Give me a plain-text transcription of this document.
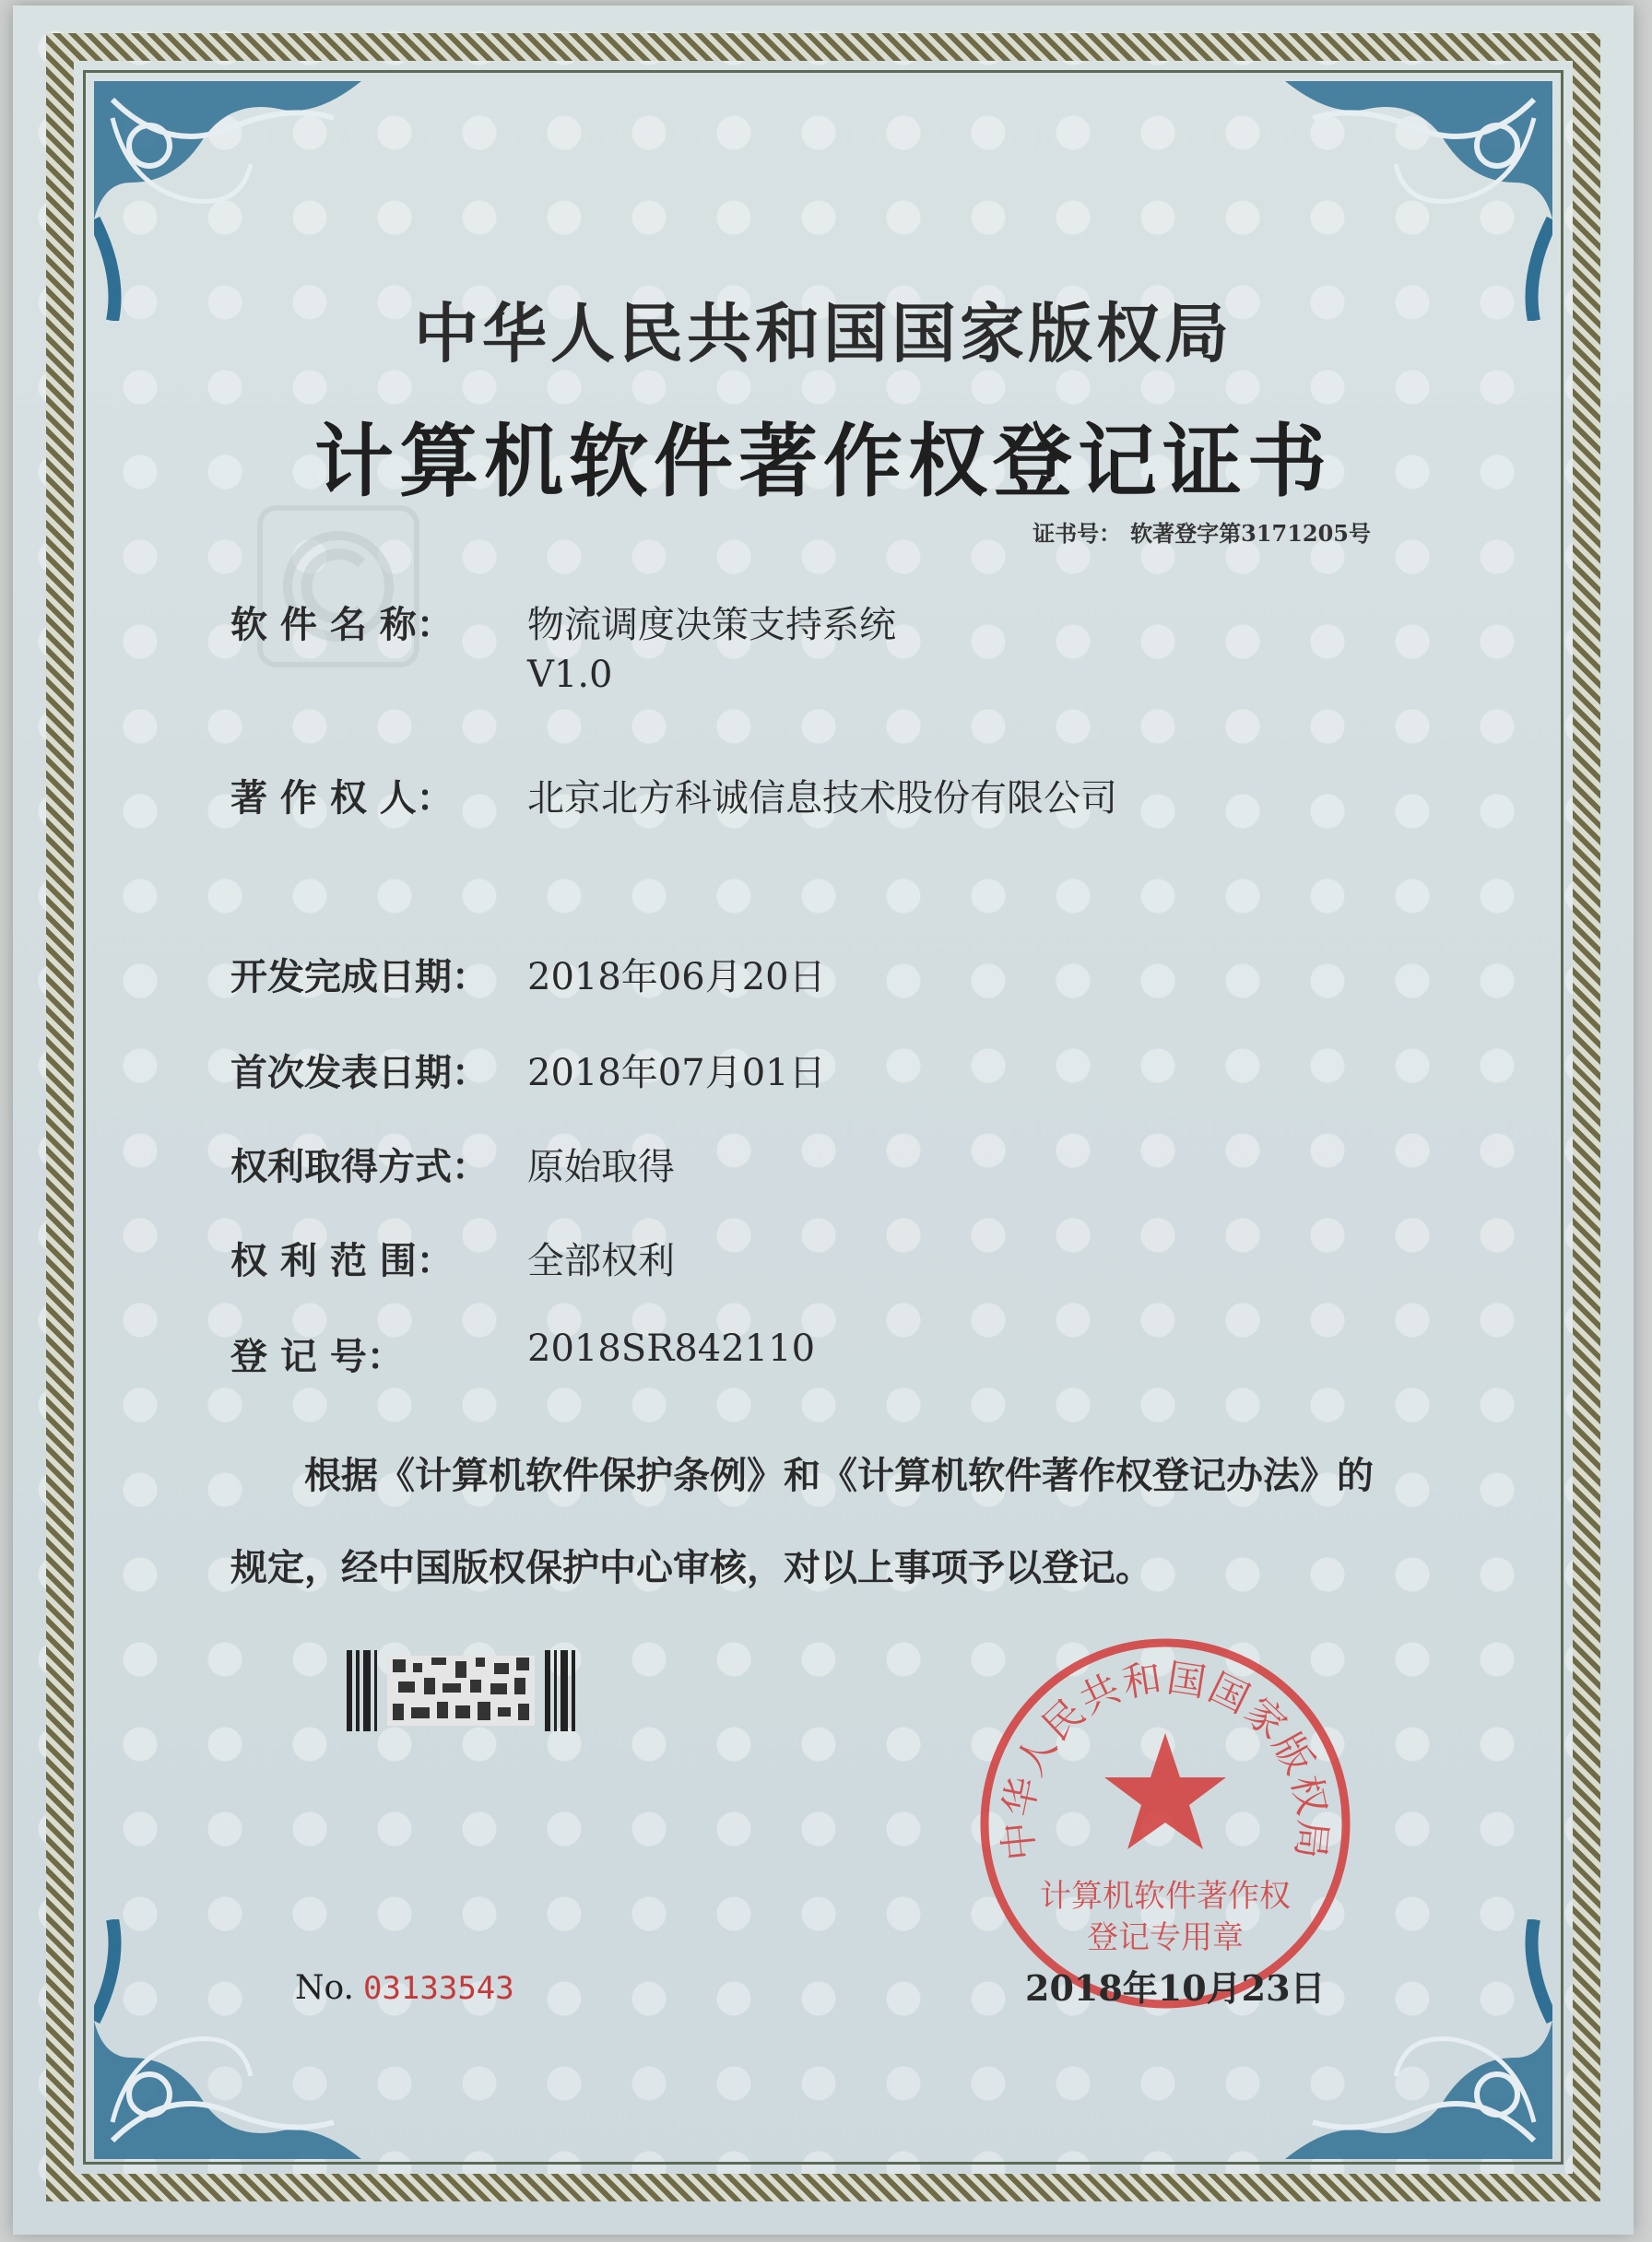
中华人民共和国国家版权局
计算机软件著作权登记证书
证书号： 软著登字第3171205号
软 件 名 称： 物流调度决策支持系统
V1.0
著 作 权 人： 北京北方科诚信息技术股份有限公司
开发完成日期： 2018年06月20日
首次发表日期： 2018年07月01日
权利取得方式： 原始取得
权 利 范 围： 全部权利
登 记 号：	2018SR842110
根据《计算机软件保护条例》和《计算机软件著作权登记办法》的
规定，经中国版权保护中心审核，对以上事项予以登记。
中华人民共和国国家版权局
计算机软件著作权
登记专用章
No. 03133543	2018年10月23日
